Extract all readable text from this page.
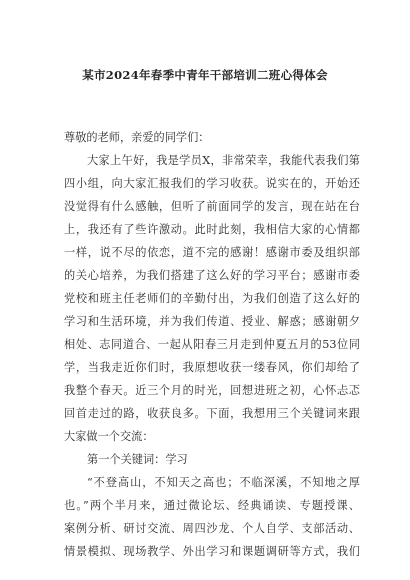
某市2024年春季中青年干部培训二班心得体会
尊敬的老师，亲爱的同学们：
大家上午好，我是学员X，非常荣幸，我能代表我们第
四小组，向大家汇报我们的学习收获。说实在的，开始还
没觉得有什么感触，但听了前面同学的发言，现在站在台
上，我还有了些许激动。此时此刻，我相信大家的心情都
一样，说不尽的依恋，道不完的感谢！感谢市委及组织部
的关心培养，为我们搭建了这么好的学习平台；感谢市委
党校和班主任老师们的辛勤付出，为我们创造了这么好的
学习和生活环境，并为我们传道、授业、解惑；感谢朝夕
相处、志同道合、一起从阳春三月走到仲夏五月的53位同
学，当我走近你们时，我原想收获一缕春风，你们却给了
我整个春天。近三个月的时光，回想进班之初，心怀忐忑
回首走过的路，收获良多。下面，我想用三个关键词来跟
大家做一个交流：
第一个关键词：学习
“不登高山，不知天之高也；不临深溪，不知地之厚
也。”两个半月来，通过微论坛、经典诵读、专题授课、
案例分析、研讨交流、周四沙龙、个人自学、支部活动、
情景模拟、现场教学、外出学习和课题调研等方式，我们
